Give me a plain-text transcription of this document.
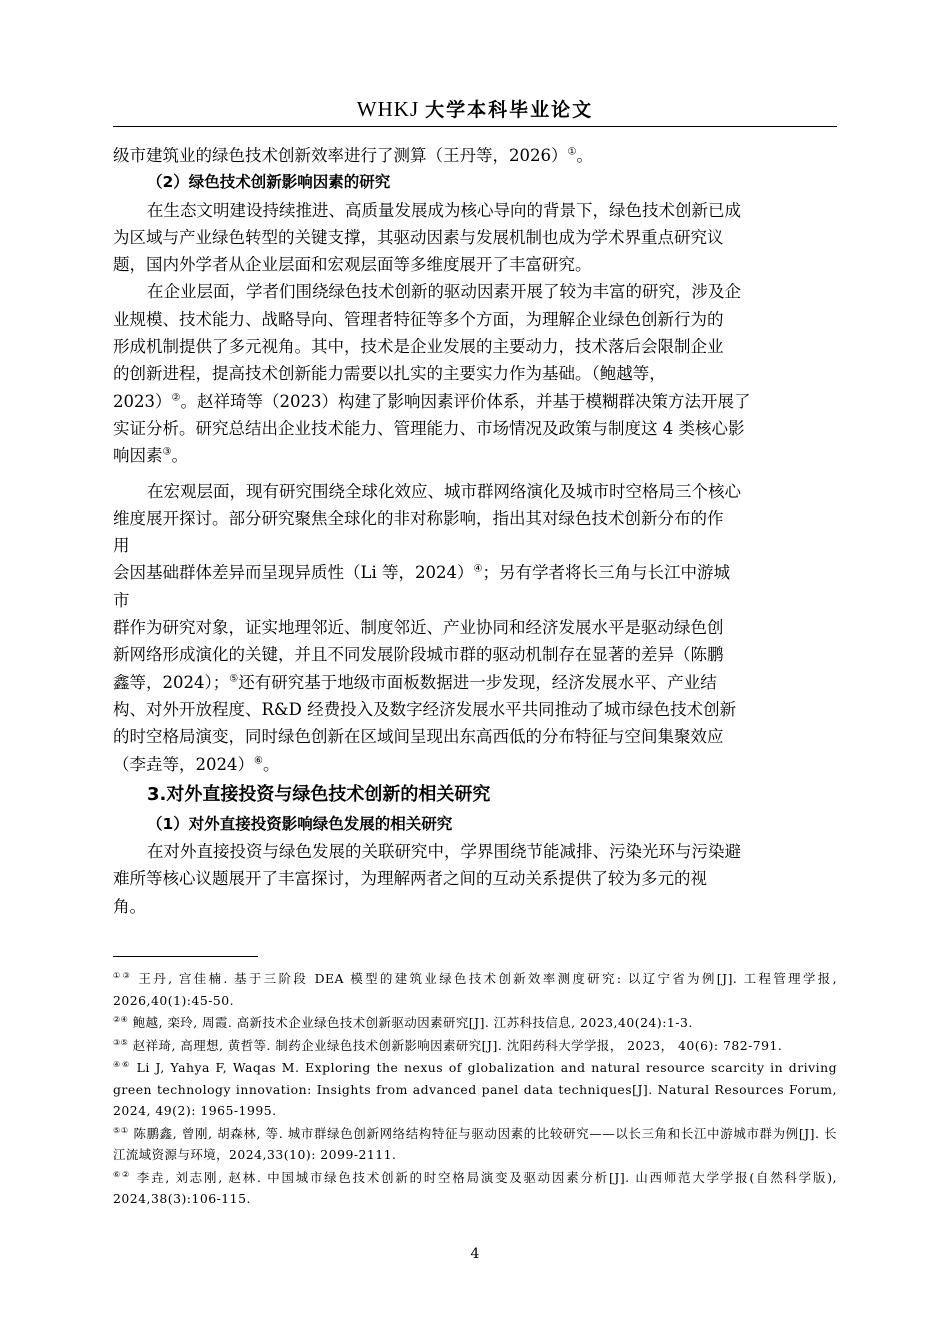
WHKJ 大学本科毕业论文
级市建筑业的绿色技术创新效率进行了测算（王丹等，2026）①。
（2）绿色技术创新影响因素的研究
在生态文明建设持续推进、高质量发展成为核心导向的背景下，绿色技术创新已成
为区域与产业绿色转型的关键支撑，其驱动因素与发展机制也成为学术界重点研究议
题，国内外学者从企业层面和宏观层面等多维度展开了丰富研究。
在企业层面，学者们围绕绿色技术创新的驱动因素开展了较为丰富的研究，涉及企
业规模、技术能力、战略导向、管理者特征等多个方面，为理解企业绿色创新行为的
形成机制提供了多元视角。其中，技术是企业发展的主要动力，技术落后会限制企业
的创新进程，提高技术创新能力需要以扎实的主要实力作为基础。（鲍越等，
2023）②。赵祥琦等（2023）构建了影响因素评价体系，并基于模糊群决策方法开展了
实证分析。研究总结出企业技术能力、管理能力、市场情况及政策与制度这 4 类核心影
响因素③。
在宏观层面，现有研究围绕全球化效应、城市群网络演化及城市时空格局三个核心
维度展开探讨。部分研究聚焦全球化的非对称影响，指出其对绿色技术创新分布的作
用
会因基础群体差异而呈现异质性（Li 等，2024）④；另有学者将长三角与长江中游城
市
群作为研究对象，证实地理邻近、制度邻近、产业协同和经济发展水平是驱动绿色创
新网络形成演化的关键，并且不同发展阶段城市群的驱动机制存在显著的差异（陈鹏
鑫等，2024）；⑤还有研究基于地级市面板数据进一步发现，经济发展水平、产业结
构、对外开放程度、R&D 经费投入及数字经济发展水平共同推动了城市绿色技术创新
的时空格局演变，同时绿色创新在区域间呈现出东高西低的分布特征与空间集聚效应
（李垚等，2024）⑥。
3.对外直接投资与绿色技术创新的相关研究
（1）对外直接投资影响绿色发展的相关研究
在对外直接投资与绿色发展的关联研究中，学界围绕节能减排、污染光环与污染避
难所等核心议题展开了丰富探讨，为理解两者之间的互动关系提供了较为多元的视
角。
①③ 王丹, 宫佳楠. 基于三阶段 DEA 模型的建筑业绿色技术创新效率测度研究: 以辽宁省为例[J]. 工程管理学报, 2026,40(1):45-50.
②④ 鲍越, 栾玲, 周霞. 高新技术企业绿色技术创新驱动因素研究[J]. 江苏科技信息, 2023,40(24):1-3.
③⑤ 赵祥琦, 高理想, 黄哲等. 制药企业绿色技术创新影响因素研究[J]. 沈阳药科大学学报， 2023， 40(6): 782-791.
④⑥ Li J, Yahya F, Waqas M. Exploring the nexus of globalization and natural resource scarcity in driving green technology innovation: Insights from advanced panel data techniques[J]. Natural Resources Forum, 2024, 49(2): 1965-1995.
⑤① 陈鹏鑫, 曾刚, 胡森林, 等. 城市群绿色创新网络结构特征与驱动因素的比较研究——以长三角和长江中游城市群为例[J]. 长江流域资源与环境，2024,33(10): 2099-2111.
⑥② 李垚, 刘志刚, 赵林. 中国城市绿色技术创新的时空格局演变及驱动因素分析[J]. 山西师范大学学报(自然科学版), 2024,38(3):106-115.
4
